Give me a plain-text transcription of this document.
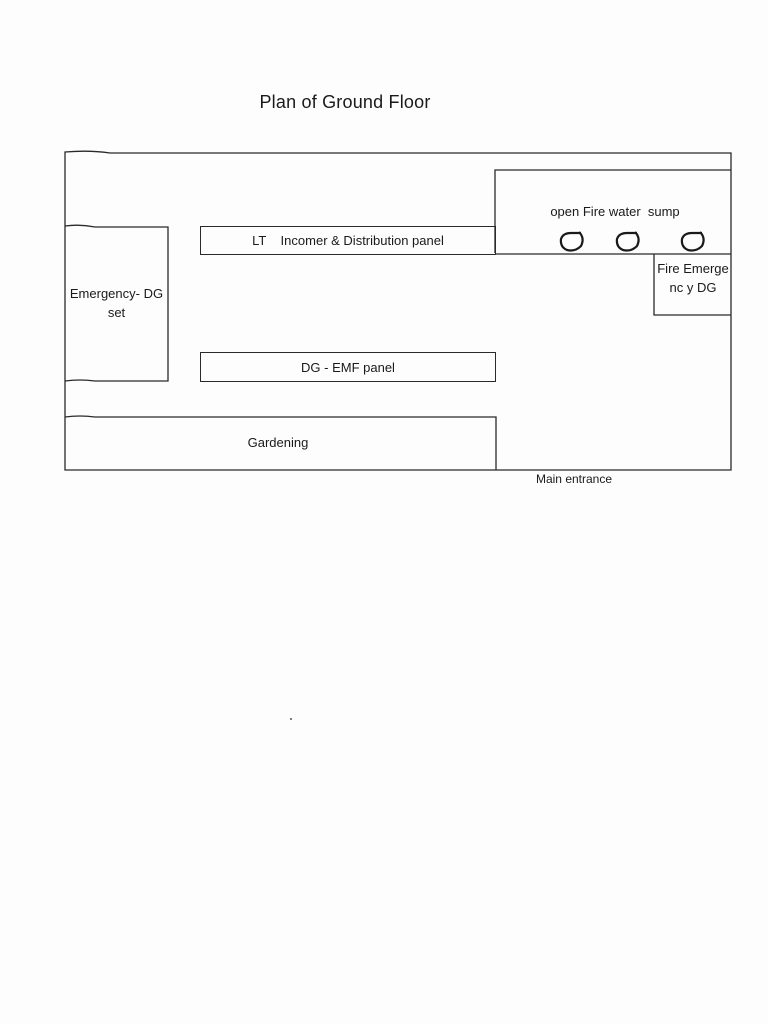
Plan of Ground Floor
LT    Incomer & Distribution panel
Emergency- DG set
open Fire water  sump
Fire Emergenc y DG
DG - EMF panel
Gardening
Main entrance
